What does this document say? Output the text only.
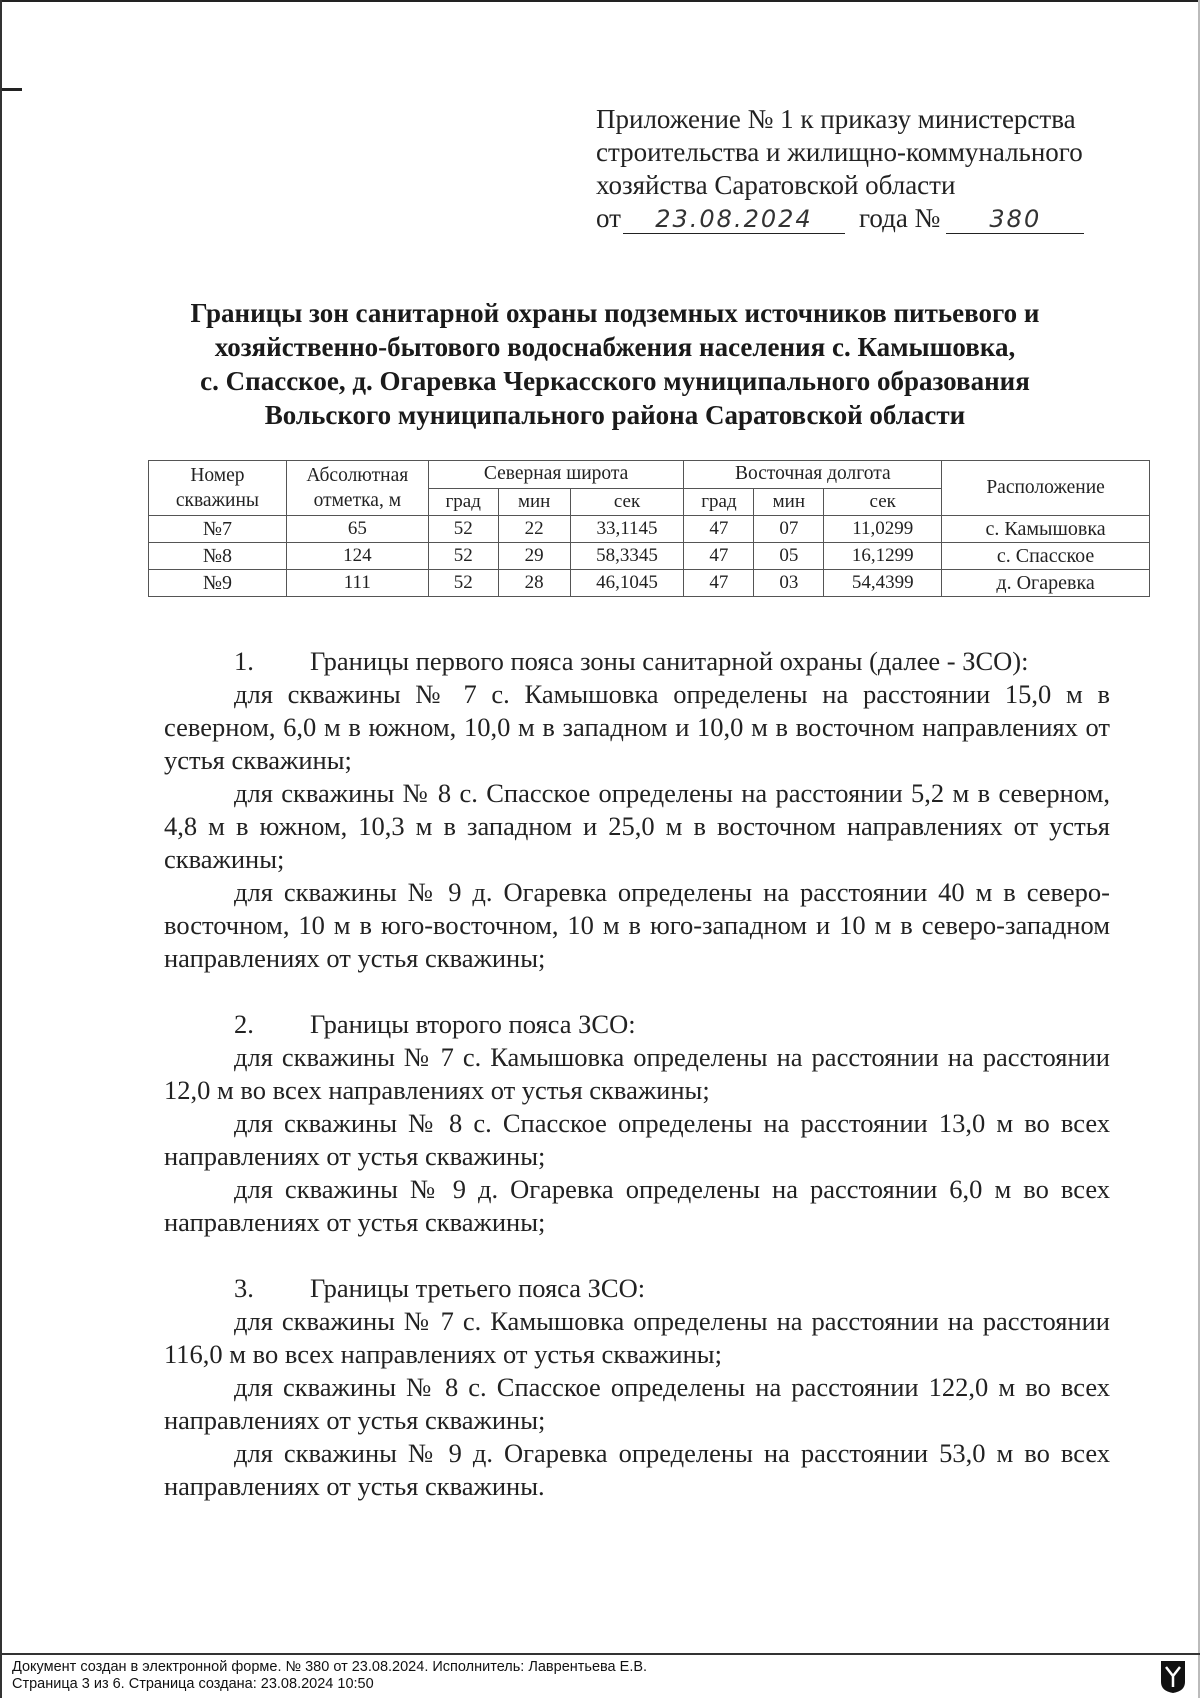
Приложение № 1 к приказу министерства
строительства и жилищно-коммунального
хозяйства Саратовской области
от 23.08.2024 года № 380
Границы зон санитарной охраны подземных источников питьевого и
хозяйственно-бытового водоснабжения населения с. Камышовка,
с. Спасское, д. Огаревка Черкасского муниципального образования
Вольского муниципального района Саратовской области
Номер скважины	Абсолютная отметка, м	Северная широта			Восточная долгота			Расположение
		град	мин	сек	град	мин	сек	
№7	65	52	22	33,1145	47	07	11,0299	с. Камышовка
№8	124	52	29	58,3345	47	05	16,1299	с. Спасское
№9	111	52	28	46,1045	47	03	54,4399	д. Огаревка
1. Границы первого пояса зоны санитарной охраны (далее - ЗСО):

для скважины № 7 с. Камышовка определены на расстоянии 15,0 м в северном, 6,0 м в южном, 10,0 м в западном и 10,0 м в восточном направлениях от устья скважины;

для скважины № 8 с. Спасское определены на расстоянии 5,2 м в северном, 4,8 м в южном, 10,3 м в западном и 25,0 м в восточном направлениях от устья скважины;

для скважины № 9 д. Огаревка определены на расстоянии 40 м в северо-восточном, 10 м в юго-восточном, 10 м в юго-западном и 10 м в северо-западном направлениях от устья скважины;

2. Границы второго пояса ЗСО:

для скважины № 7 с. Камышовка определены на расстоянии на расстоянии 12,0 м во всех направлениях от устья скважины;

для скважины № 8 с. Спасское определены на расстоянии 13,0 м во всех направлениях от устья скважины;

для скважины № 9 д. Огаревка определены на расстоянии 6,0 м во всех направлениях от устья скважины;

3. Границы третьего пояса ЗСО:

для скважины № 7 с. Камышовка определены на расстоянии на расстоянии 116,0 м во всех направлениях от устья скважины;

для скважины № 8 с. Спасское определены на расстоянии 122,0 м во всех направлениях от устья скважины;

для скважины № 9 д. Огаревка определены на расстоянии 53,0 м во всех направлениях от устья скважины.

Документ создан в электронной форме. № 380 от 23.08.2024. Исполнитель: Лаврентьева Е.В.
Страница 3 из 6. Страница создана: 23.08.2024 10:50
